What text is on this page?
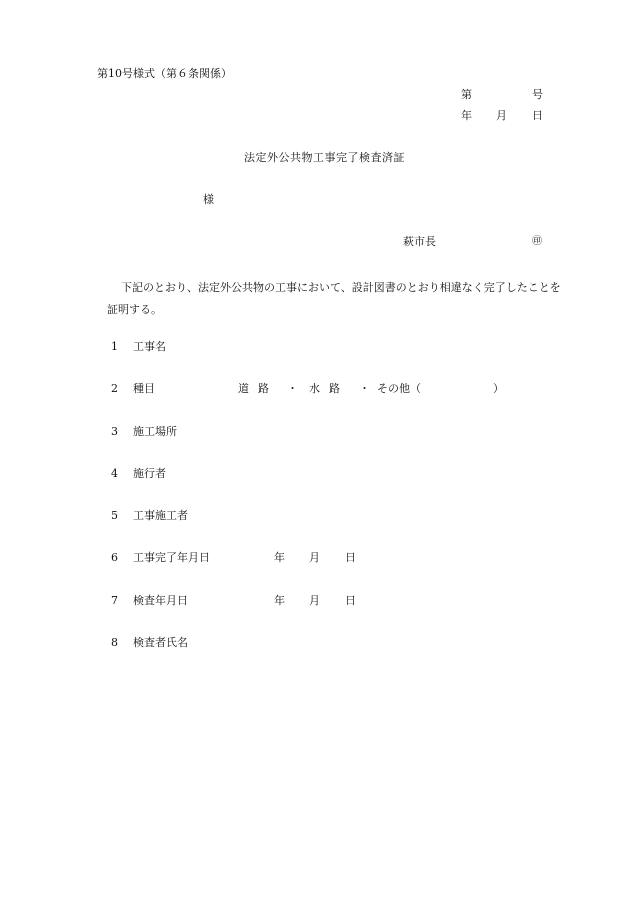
第10号様式（第６条関係）
第	号
年 月 日
法定外公共物工事完了検査済証
様
萩市長	㊞
下記のとおり、法定外公共物の工事において、設計図書のとおり相違なく完了したことを証明する。
1 工事名
2 種目	道路 ・ 水路 ・ その他（	）
3 施工場所
4 施行者
5 工事施工者
6 工事完了年月日	年 月 日
7 検査年月日	年 月 日
8 検査者氏名
